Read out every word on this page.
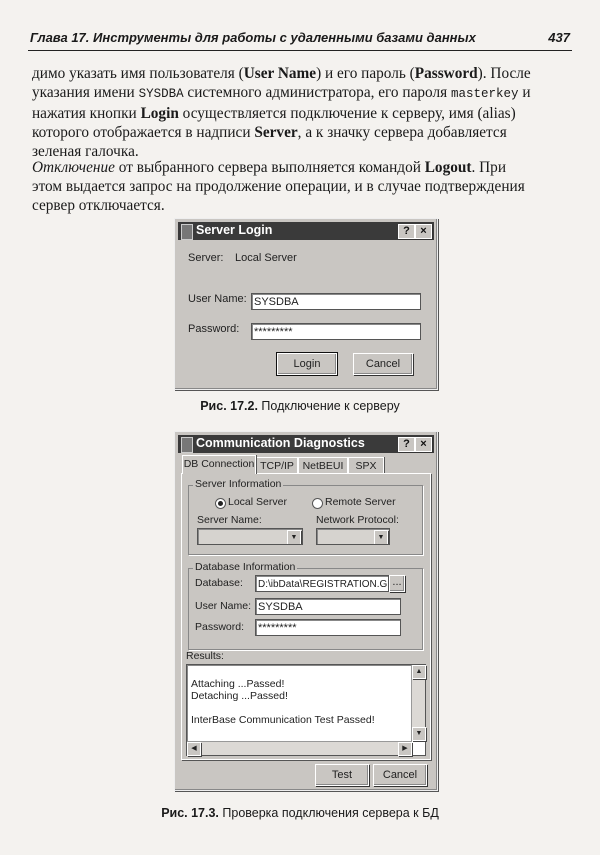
Глава 17. Инструменты для работы с удаленными базами данных	437
димо указать имя пользователя (User Name) и его пароль (Password). После
указания имени SYSDBA системного администратора, его пароля masterkey и
нажатия кнопки Login осуществляется подключение к серверу, имя (alias)
которого отображается в надписи Server, а к значку сервера добавляется
зеленая галочка.
Отключение от выбранного сервера выполняется командой Logout. При
этом выдается запрос на продолжение операции, и в случае подтверждения
сервер отключается.
Server Login	? ×
Server: Local Server
User Name: SYSDBA
Password: *********
Login	Cancel
Рис. 17.2. Подключение к серверу
Communication Diagnostics	? ×
DB Connection TCP/IP NetBEUI	SPX
Server Information
Local Server	Remote Server
Server Name:
▼
Network Protocol:
▼
Database Information
Database:	D:\ibData\REGISTRATION.G ...
User Name: SYSDBA
Password: *********
Results:
Attaching ...Passed!
Detaching ...Passed!
InterBase Communication Test Passed!
▲
▼
◀	▶
Test	Cancel
Рис. 17.3. Проверка подключения сервера к БД
